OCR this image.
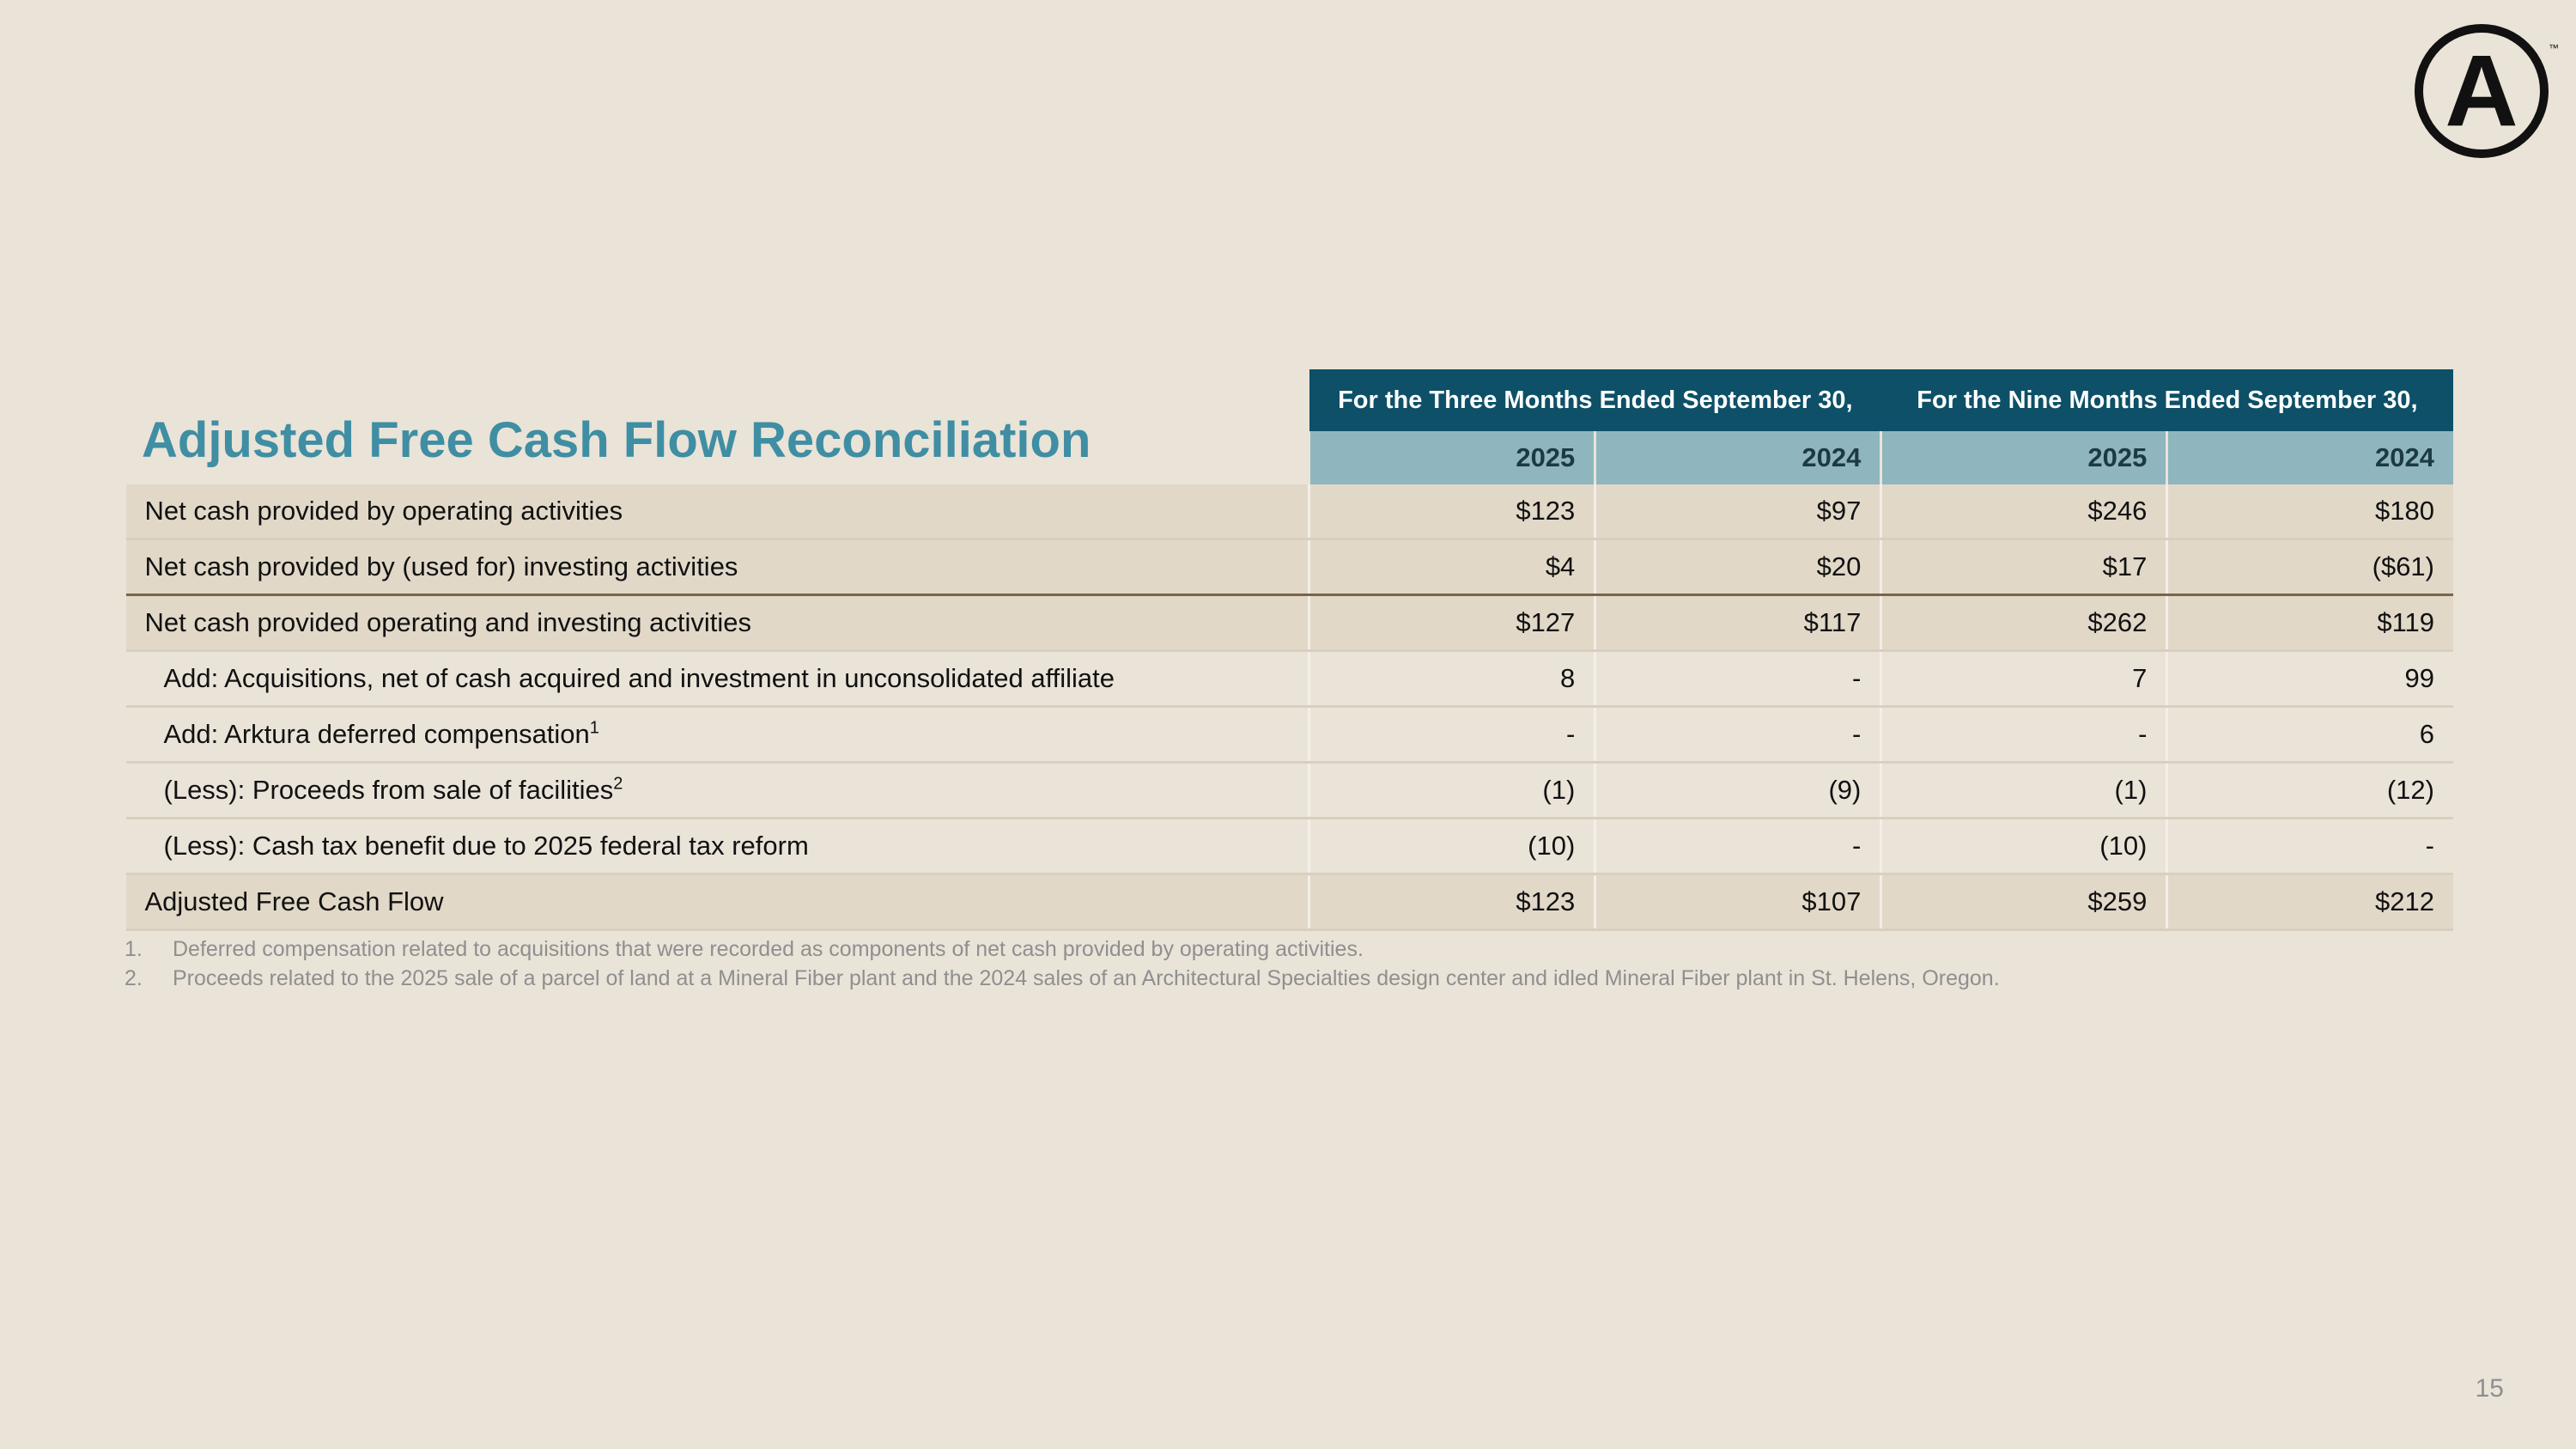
A	™
Adjusted Free Cash Flow Reconciliation
	For the Three Months Ended September 30,		For the Nine Months Ended September 30,	
	2025	2024	2025	2024
Net cash provided by operating activities	$123	$97	$246	$180
Net cash provided by (used for) investing activities	$4	$20	$17	($61)
Net cash provided operating and investing activities	$127	$117	$262	$119
Add: Acquisitions, net of cash acquired and investment in unconsolidated affiliate	8	-	7	99
Add: Arktura deferred compensation$^1$	-	-	-	6
(Less): Proceeds from sale of facilities$^2$	(1)	(9)	(1)	(12)
(Less): Cash tax benefit due to 2025 federal tax reform	(10)	-	(10)	-
Adjusted Free Cash Flow	$123	$107	$259	$212
1.	Deferred compensation related to acquisitions that were recorded as components of net cash provided by operating activities.
2.	Proceeds related to the 2025 sale of a parcel of land at a Mineral Fiber plant and the 2024 sales of an Architectural Specialties design center and idled Mineral Fiber plant in St. Helens, Oregon.
15
